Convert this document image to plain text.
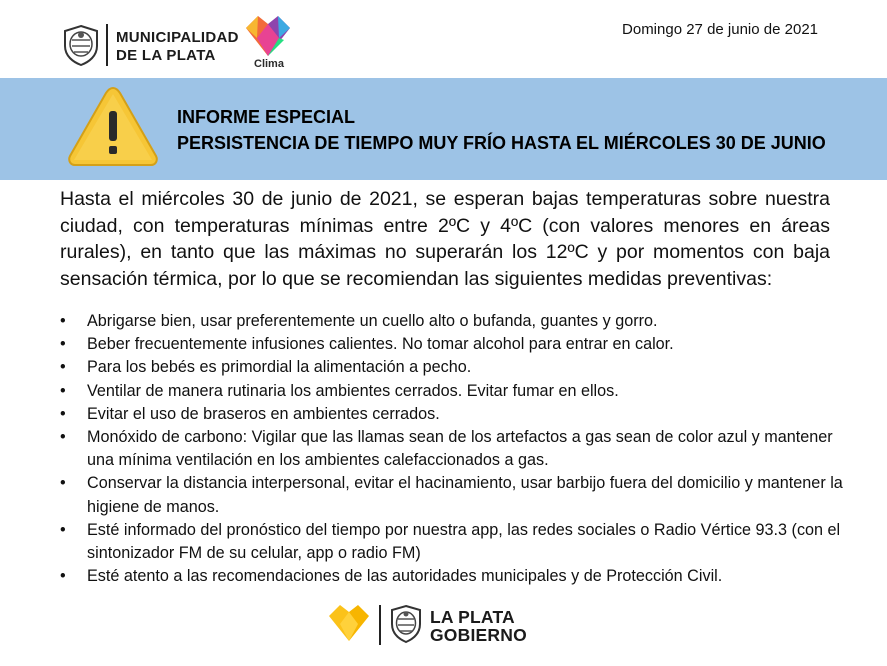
MUNICIPALIDAD
DE LA PLATA	Clima
Domingo 27 de junio de 2021
INFORME ESPECIAL
PERSISTENCIA DE TIEMPO MUY FRÍO HASTA EL MIÉRCOLES 30 DE JUNIO
Hasta el miércoles 30 de junio de 2021, se esperan bajas temperaturas sobre nuestra ciudad, con temperaturas mínimas entre 2ºC y 4ºC (con valores menores en áreas rurales), en tanto que las máximas no superarán los 12ºC y por momentos con baja sensación térmica, por lo que se recomiendan las siguientes medidas preventivas:
• Abrigarse bien, usar preferentemente un cuello alto o bufanda, guantes y gorro.
• Beber frecuentemente infusiones calientes. No tomar alcohol para entrar en calor.
• Para los bebés es primordial la alimentación a pecho.
• Ventilar de manera rutinaria los ambientes cerrados. Evitar fumar en ellos.
• Evitar el uso de braseros en ambientes cerrados.
• Monóxido de carbono: Vigilar que las llamas sean de los artefactos a gas sean de color azul y mantener una mínima ventilación en los ambientes calefaccionados a gas.
• Conservar la distancia interpersonal, evitar el hacinamiento, usar barbijo fuera del domicilio y mantener la higiene de manos.
• Esté informado del pronóstico del tiempo por nuestra app, las redes sociales o Radio Vértice 93.3 (con el sintonizador FM de su celular, app o radio FM)
• Esté atento a las recomendaciones de las autoridades municipales y de Protección Civil.
LA PLATA
GOBIERNO
